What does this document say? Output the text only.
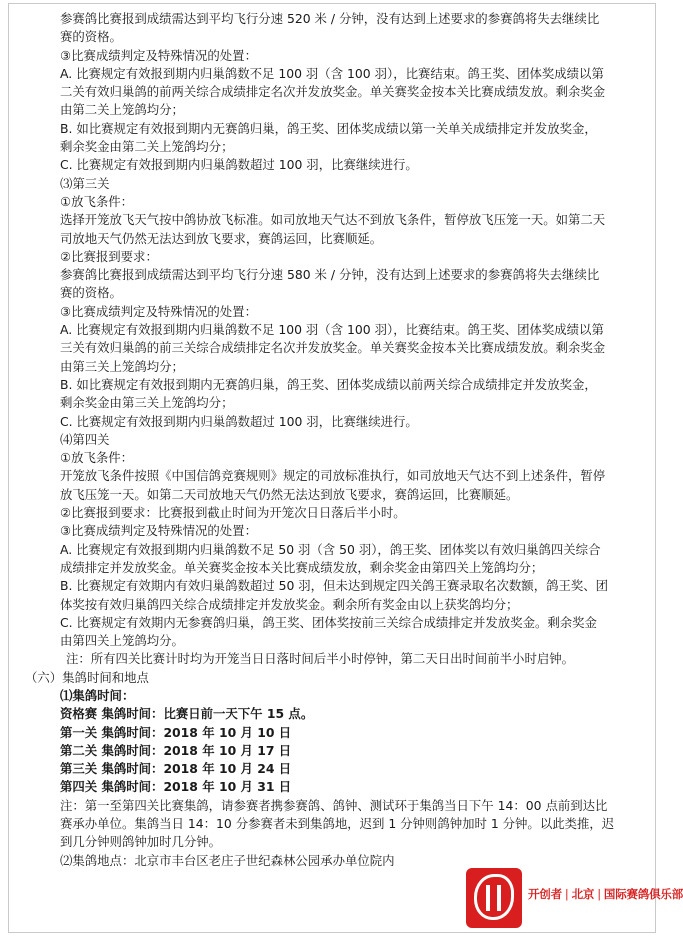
参赛鸽比赛报到成绩需达到平均飞行分速 520 米 / 分钟，没有达到上述要求的参赛鸽将失去继续比

赛的资格。

③比赛成绩判定及特殊情况的处置：

A. 比赛规定有效报到期内归巢鸽数不足 100 羽（含 100 羽），比赛结束。鸽王奖、团体奖成绩以第

二关有效归巢鸽的前两关综合成绩排定名次并发放奖金。单关赛奖金按本关比赛成绩发放。剩余奖金

由第二关上笼鸽均分；

B. 如比赛规定有效报到期内无赛鸽归巢，鸽王奖、团体奖成绩以第一关单关成绩排定并发放奖金，

剩余奖金由第二关上笼鸽均分；

C. 比赛规定有效报到期内归巢鸽数超过 100 羽，比赛继续进行。

⑶第三关

①放飞条件：

选择开笼放飞天气按中鸽协放飞标准。如司放地天气达不到放飞条件，暂停放飞压笼一天。如第二天

司放地天气仍然无法达到放飞要求，赛鸽运回，比赛顺延。

②比赛报到要求：

参赛鸽比赛报到成绩需达到平均飞行分速 580 米 / 分钟，没有达到上述要求的参赛鸽将失去继续比

赛的资格。

③比赛成绩判定及特殊情况的处置：

A. 比赛规定有效报到期内归巢鸽数不足 100 羽（含 100 羽），比赛结束。鸽王奖、团体奖成绩以第

三关有效归巢鸽的前三关综合成绩排定名次并发放奖金。单关赛奖金按本关比赛成绩发放。剩余奖金

由第三关上笼鸽均分；

B. 如比赛规定有效报到期内无赛鸽归巢，鸽王奖、团体奖成绩以前两关综合成绩排定并发放奖金，

剩余奖金由第三关上笼鸽均分；

C. 比赛规定有效报到期内归巢鸽数超过 100 羽，比赛继续进行。

⑷第四关

①放飞条件：

开笼放飞条件按照《中国信鸽竞赛规则》规定的司放标准执行，如司放地天气达不到上述条件，暂停

放飞压笼一天。如第二天司放地天气仍然无法达到放飞要求，赛鸽运回，比赛顺延。

②比赛报到要求：比赛报到截止时间为开笼次日日落后半小时。

③比赛成绩判定及特殊情况的处置：

A. 比赛规定有效报到期内归巢鸽数不足 50 羽（含 50 羽），鸽王奖、团体奖以有效归巢鸽四关综合

成绩排定并发放奖金。单关赛奖金按本关比赛成绩发放，剩余奖金由第四关上笼鸽均分；

B. 比赛规定有效期内有效归巢鸽数超过 50 羽，但未达到规定四关鸽王赛录取名次数额，鸽王奖、团

体奖按有效归巢鸽四关综合成绩排定并发放奖金。剩余所有奖金由以上获奖鸽均分；

C. 比赛规定有效期内无参赛鸽归巢，鸽王奖、团体奖按前三关综合成绩排定并发放奖金。剩余奖金

由第四关上笼鸽均分。

注：所有四关比赛计时均为开笼当日日落时间后半小时停钟，第二天日出时间前半小时启钟。

（六）集鸽时间和地点

⑴集鸽时间：

资格赛 集鸽时间：比赛日前一天下午 15 点。

第一关 集鸽时间：2018 年 10 月 10 日

第二关 集鸽时间：2018 年 10 月 17 日

第三关 集鸽时间：2018 年 10 月 24 日

第四关 集鸽时间：2018 年 10 月 31 日

注：第一至第四关比赛集鸽，请参赛者携参赛鸽、鸽钟、测试环于集鸽当日下午 14：00 点前到达比

赛承办单位。集鸽当日 14：10 分参赛者未到集鸽地，迟到 1 分钟则鸽钟加时 1 分钟。以此类推，迟

到几分钟则鸽钟加时几分钟。

⑵集鸽地点：北京市丰台区老庄子世纪森林公园承办单位院内

开创者 | 北京 | 国际赛鸽俱乐部
